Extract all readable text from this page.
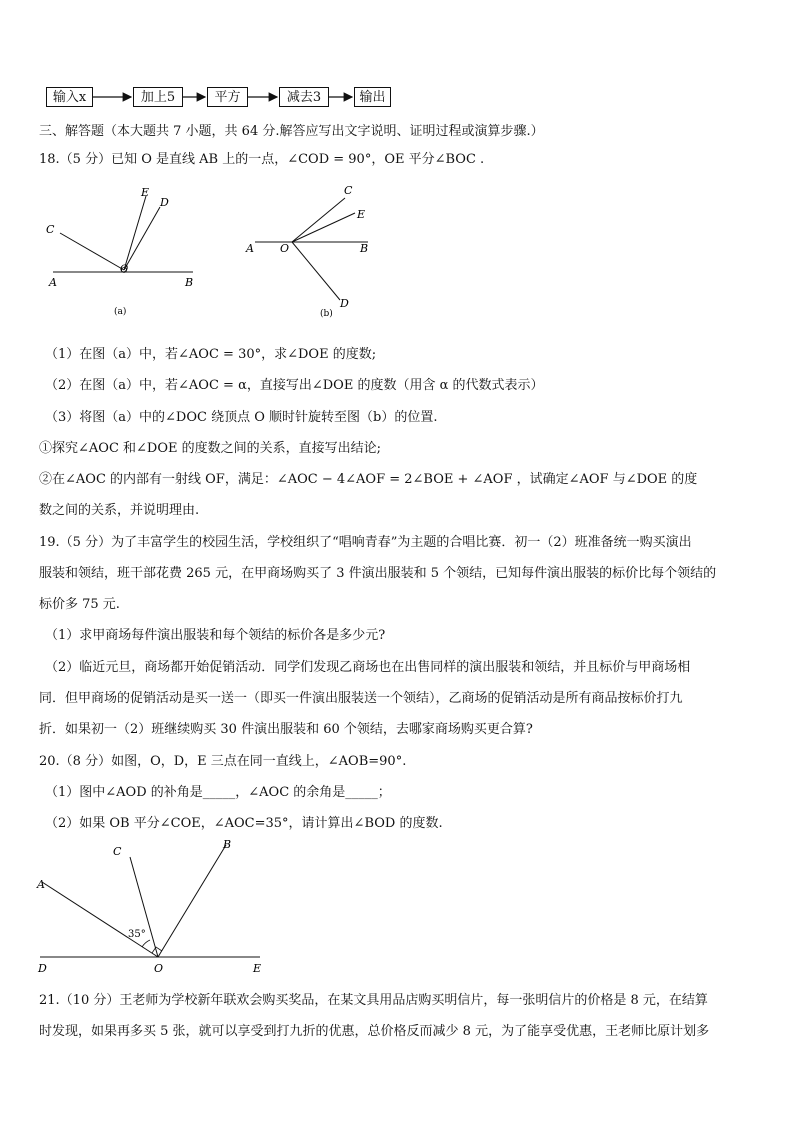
输入x	加上5	平方	减去3	输出
三、解答题（本大题共 7 小题，共 64 分.解答应写出文字说明、证明过程或演算步骤.）
18.（5 分）已知 O 是直线 AB 上的一点，∠COD = 90°，OE 平分∠BOC .
C
E
D
A
O
B
(a)
C
E
A O	B
D
(b)
（1）在图（a）中，若∠AOC = 30°，求∠DOE 的度数;
（2）在图（a）中，若∠AOC = α，直接写出∠DOE 的度数（用含 α 的代数式表示）
（3）将图（a）中的∠DOC 绕顶点 O 顺时针旋转至图（b）的位置.
①探究∠AOC 和∠DOE 的度数之间的关系，直接写出结论;
②在∠AOC 的内部有一射线 OF，满足：∠AOC − 4∠AOF = 2∠BOE + ∠AOF ，试确定∠AOF 与∠DOE 的度
数之间的关系，并说明理由.
19.（5 分）为了丰富学生的校园生活，学校组织了“唱响青春”为主题的合唱比赛．初一（2）班准备统一购买演出
服装和领结，班干部花费 265 元，在甲商场购买了 3 件演出服装和 5 个领结，已知每件演出服装的标价比每个领结的
标价多 75 元.
（1）求甲商场每件演出服装和每个领结的标价各是多少元?
（2）临近元旦，商场都开始促销活动．同学们发现乙商场也在出售同样的演出服装和领结，并且标价与甲商场相
同．但甲商场的促销活动是买一送一（即买一件演出服装送一个领结），乙商场的促销活动是所有商品按标价打九
折．如果初一（2）班继续购买 30 件演出服装和 60 个领结，去哪家商场购买更合算?
20.（8 分）如图，O，D，E 三点在同一直线上，∠AOB=90°.
（1）图中∠AOD 的补角是_____，∠AOC 的余角是_____；
（2）如果 OB 平分∠COE，∠AOC=35°，请计算出∠BOD 的度数.
C
B
A
35°
D	O	E
21.（10 分）王老师为学校新年联欢会购买奖品，在某文具用品店购买明信片，每一张明信片的价格是 8 元，在结算
时发现，如果再多买 5 张，就可以享受到打九折的优惠，总价格反而减少 8 元，为了能享受优惠，王老师比原计划多
